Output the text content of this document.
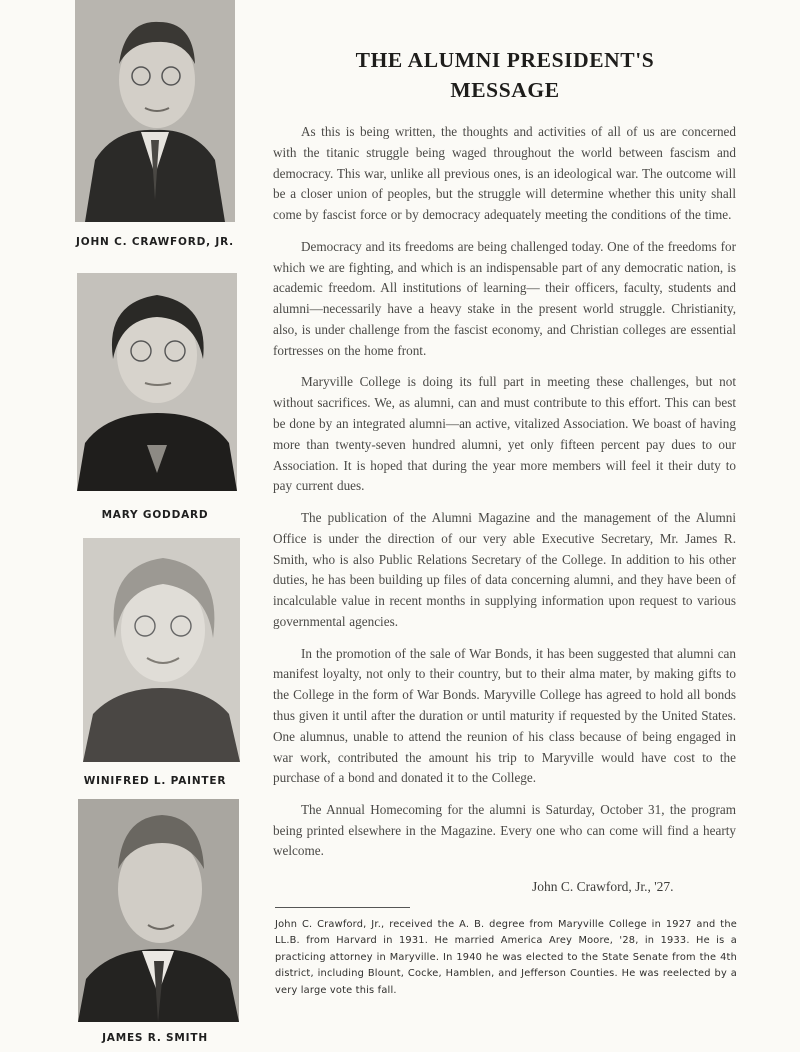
JOHN C. CRAWFORD, JR.
MARY GODDARD
WINIFRED L. PAINTER
JAMES R. SMITH
THE ALUMNI PRESIDENT'S
MESSAGE

As this is being written, the thoughts and activities of all of us are concerned with the titanic struggle being waged throughout the world between fascism and democracy. This war, unlike all previous ones, is an ideological war. The outcome will be a closer union of peoples, but the struggle will determine whether this unity shall come by fascist force or by democracy adequately meeting the conditions of the time.

Democracy and its freedoms are being challenged today. One of the freedoms for which we are fighting, and which is an indispensable part of any democratic nation, is academic freedom. All institutions of learning— their officers, faculty, students and alumni—necessarily have a heavy stake in the present world struggle. Christianity, also, is under challenge from the fascist economy, and Christian colleges are essential fortresses on the home front.

Maryville College is doing its full part in meeting these challenges, but not without sacrifices. We, as alumni, can and must contribute to this effort. This can best be done by an integrated alumni—an active, vitalized Association. We boast of having more than twenty-seven hundred alumni, yet only fifteen percent pay dues to our Association. It is hoped that during the year more members will feel it their duty to pay current dues.

The publication of the Alumni Magazine and the management of the Alumni Office is under the direction of our very able Executive Secretary, Mr. James R. Smith, who is also Public Relations Secretary of the College. In addition to his other duties, he has been building up files of data concerning alumni, and they have been of incalculable value in recent months in supplying information upon request to various governmental agencies.

In the promotion of the sale of War Bonds, it has been suggested that alumni can manifest loyalty, not only to their country, but to their alma mater, by making gifts to the College in the form of War Bonds. Maryville College has agreed to hold all bonds thus given it until after the duration or until maturity if requested by the United States. One alumnus, unable to attend the reunion of his class because of being engaged in war work, contributed the amount his trip to Maryville would have cost to the purchase of a bond and donated it to the College.

The Annual Homecoming for the alumni is Saturday, October 31, the program being printed elsewhere in the Magazine. Every one who can come will find a hearty welcome.

John C. Crawford, Jr., '27.
John C. Crawford, Jr., received the A. B. degree from Maryville College in 1927 and the LL.B. from Harvard in 1931. He married America Arey Moore, '28, in 1933. He is a practicing attorney in Maryville. In 1940 he was elected to the State Senate from the 4th district, including Blount, Cocke, Hamblen, and Jefferson Counties. He was reelected by a very large vote this fall.
